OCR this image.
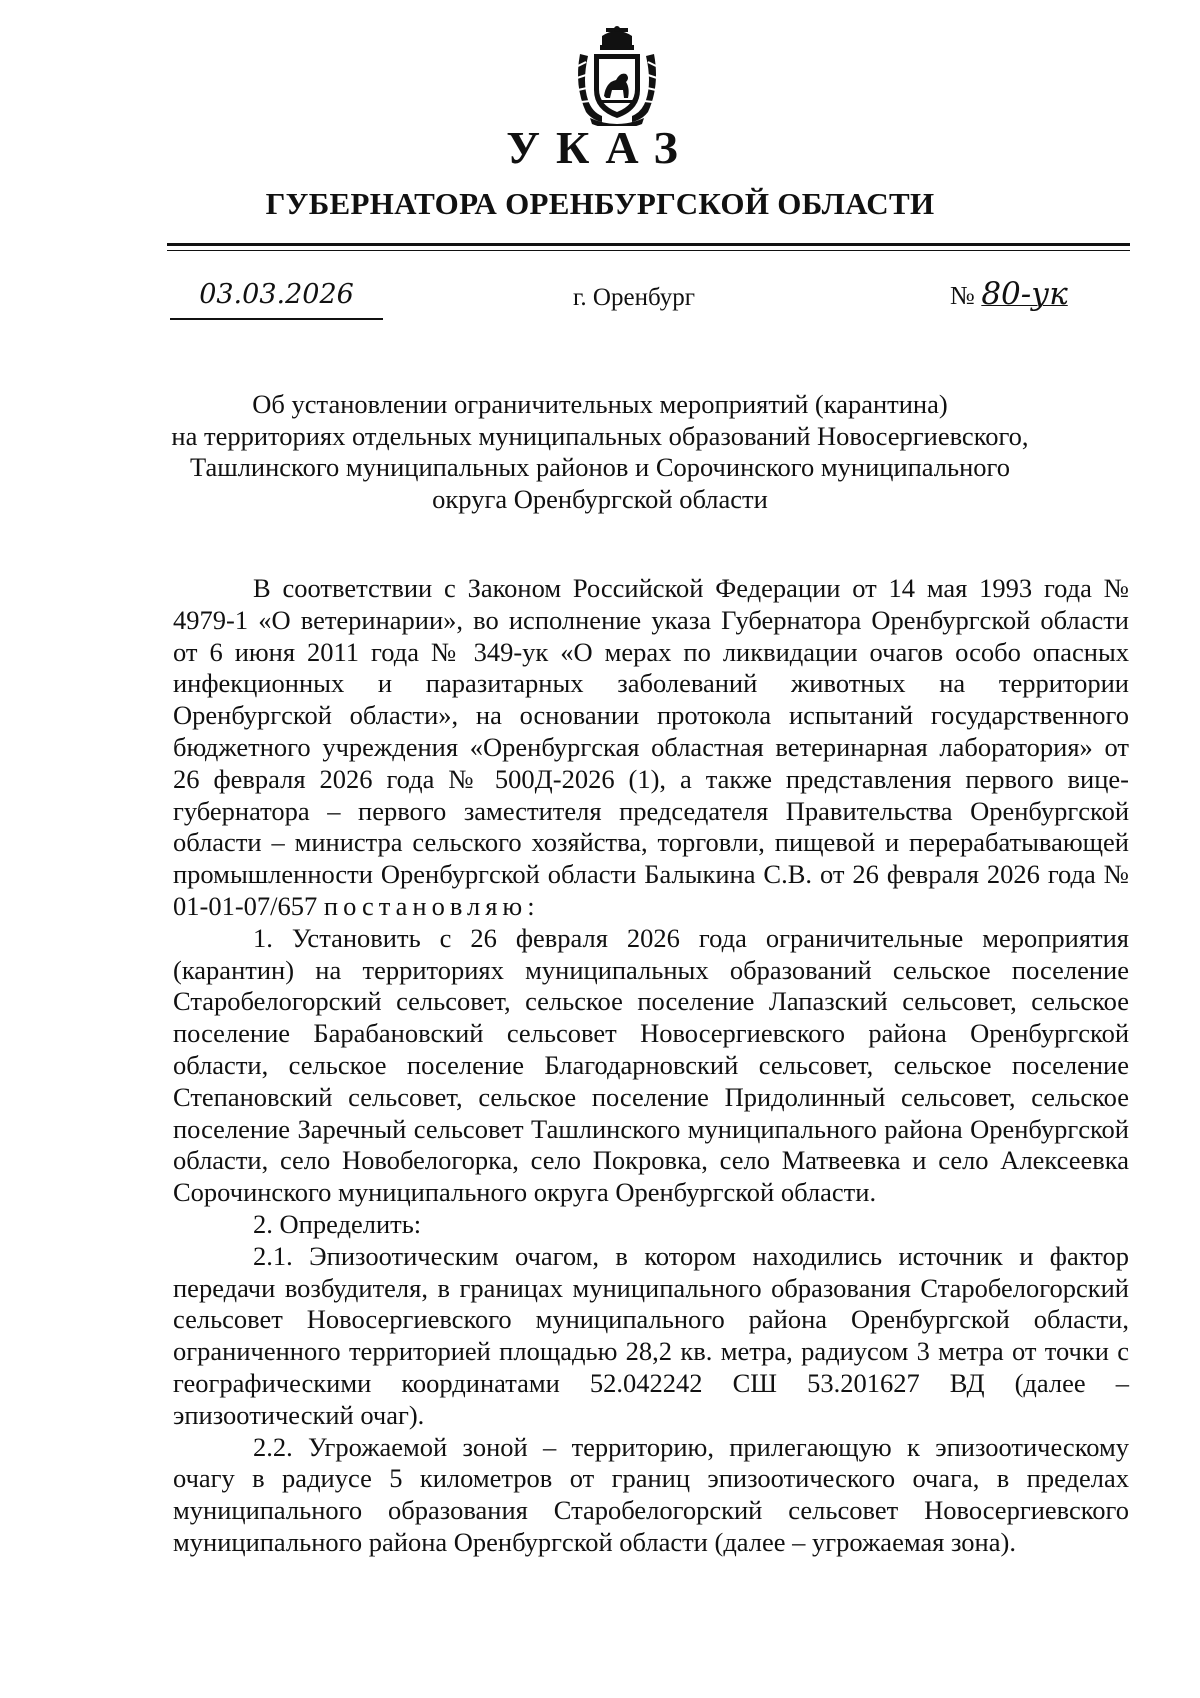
УКАЗ
ГУБЕРНАТОРА ОРЕНБУРГСКОЙ ОБЛАСТИ
03.03.2026	г. Оренбург	№ 80-ук
Об установлении ограничительных мероприятий (карантина)
на территориях отдельных муниципальных образований Новосергиевского,
Ташлинского муниципальных районов и Сорочинского муниципального
округа Оренбургской области

В соответствии с Законом Российской Федерации от 14 мая 1993 года № 4979-1 «О ветеринарии», во исполнение указа Губернатора Оренбургской области от 6 июня 2011 года № 349-ук «О мерах по ликвидации очагов особо опасных инфекционных и паразитарных заболеваний животных на территории Оренбургской области», на основании протокола испытаний государственного бюджетного учреждения «Оренбургская областная ветеринарная лаборатория» от 26 февраля 2026 года № 500Д-2026 (1), а также представления первого вице-губернатора – первого заместителя председателя Правительства Оренбургской области – министра сельского хозяйства, торговли, пищевой и перерабатывающей промышленности Оренбургской области Балыкина С.В. от 26 февраля 2026 года № 01-01-07/657 постановляю:

1. Установить с 26 февраля 2026 года ограничительные мероприятия (карантин) на территориях муниципальных образований сельское поселение Старобелогорский сельсовет, сельское поселение Лапазский сельсовет, сельское поселение Барабановский сельсовет Новосергиевского района Оренбургской области, сельское поселение Благодарновский сельсовет, сельское поселение Степановский сельсовет, сельское поселение Придолинный сельсовет, сельское поселение Заречный сельсовет Ташлинского муниципального района Оренбургской области, село Новобелогорка, село Покровка, село Матвеевка и село Алексеевка Сорочинского муниципального округа Оренбургской области.

2. Определить:

2.1. Эпизоотическим очагом, в котором находились источник и фактор передачи возбудителя, в границах муниципального образования Старобелогорский сельсовет Новосергиевского муниципального района Оренбургской области, ограниченного территорией площадью 28,2 кв. метра, радиусом 3 метра от точки с географическими координатами 52.042242 СШ 53.201627 ВД (далее – эпизоотический очаг).

2.2. Угрожаемой зоной – территорию, прилегающую к эпизоотическому очагу в радиусе 5 километров от границ эпизоотического очага, в пределах муниципального образования Старобелогорский сельсовет Новосергиевского муниципального района Оренбургской области (далее – угрожаемая зона).
